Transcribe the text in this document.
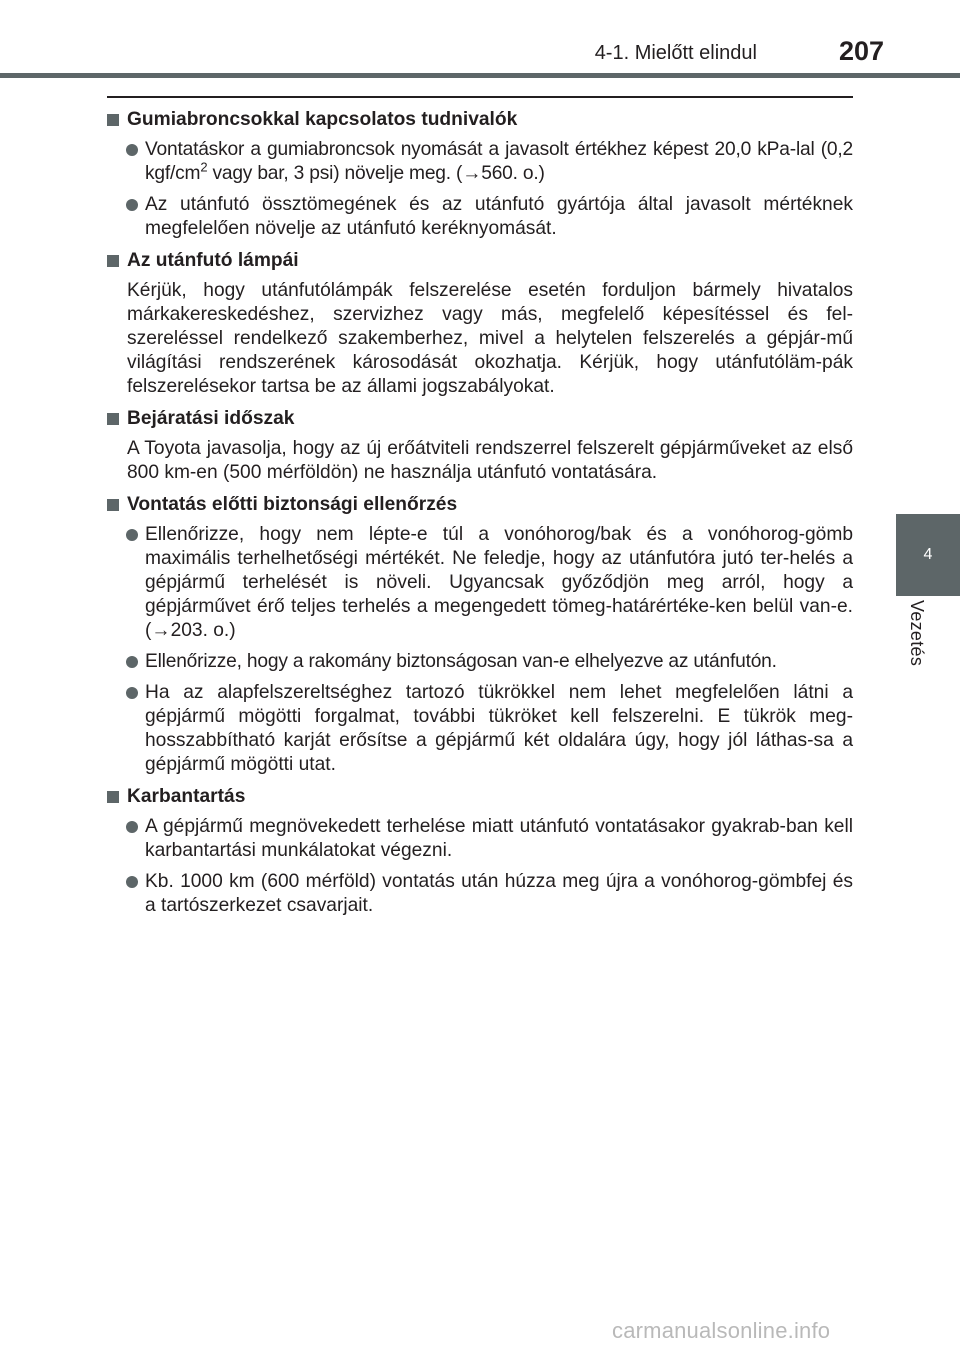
4-1. Mielőtt elindul	207
4
Vezetés
Gumiabroncsokkal kapcsolatos tudnivalók
Vontatáskor a gumiabroncsok nyomását a javasolt értékhez képest 20,0 kPa-lal (0,2 kgf/$cm^2$ vagy bar, 3 psi) növelje meg. (→560. o.)
Az utánfutó össztömegének és az utánfutó gyártója által javasolt mértéknek megfelelően növelje az utánfutó keréknyomását.
Az utánfutó lámpái
Kérjük, hogy utánfutólámpák felszerelése esetén forduljon bármely hivatalos márkakereskedéshez, szervizhez vagy más, megfelelő képesítéssel és fel-szereléssel rendelkező szakemberhez, mivel a helytelen felszerelés a gépjár-mű világítási rendszerének károsodását okozhatja. Kérjük, hogy utánfutóläm-pák felszerelésekor tartsa be az állami jogszabályokat.
Bejáratási időszak
A Toyota javasolja, hogy az új erőátviteli rendszerrel felszerelt gépjárműveket az első 800 km-en (500 mérföldön) ne használja utánfutó vontatására.
Vontatás előtti biztonsági ellenőrzés
Ellenőrizze, hogy nem lépte-e túl a vonóhorog/bak és a vonóhorog-gömb maximális terhelhetőségi mértékét. Ne feledje, hogy az utánfutóra jutó ter-helés a gépjármű terhelését is növeli. Ugyancsak győződjön meg arról, hogy a gépjárművet érő teljes terhelés a megengedett tömeg-határértéke-ken belül van-e. (→203. o.)
Ellenőrizze, hogy a rakomány biztonságosan van-e elhelyezve az utánfutón.
Ha az alapfelszereltséghez tartozó tükrökkel nem lehet megfelelően látni a gépjármű mögötti forgalmat, további tükröket kell felszerelni. E tükrök meg-hosszabbítható karját erősítse a gépjármű két oldalára úgy, hogy jól láthas-sa a gépjármű mögötti utat.
Karbantartás
A gépjármű megnövekedett terhelése miatt utánfutó vontatásakor gyakrab-ban kell karbantartási munkálatokat végezni.
Kb. 1000 km (600 mérföld) vontatás után húzza meg újra a vonóhorog-gömbfej és a tartószerkezet csavarjait.
carmanualsonline.info
